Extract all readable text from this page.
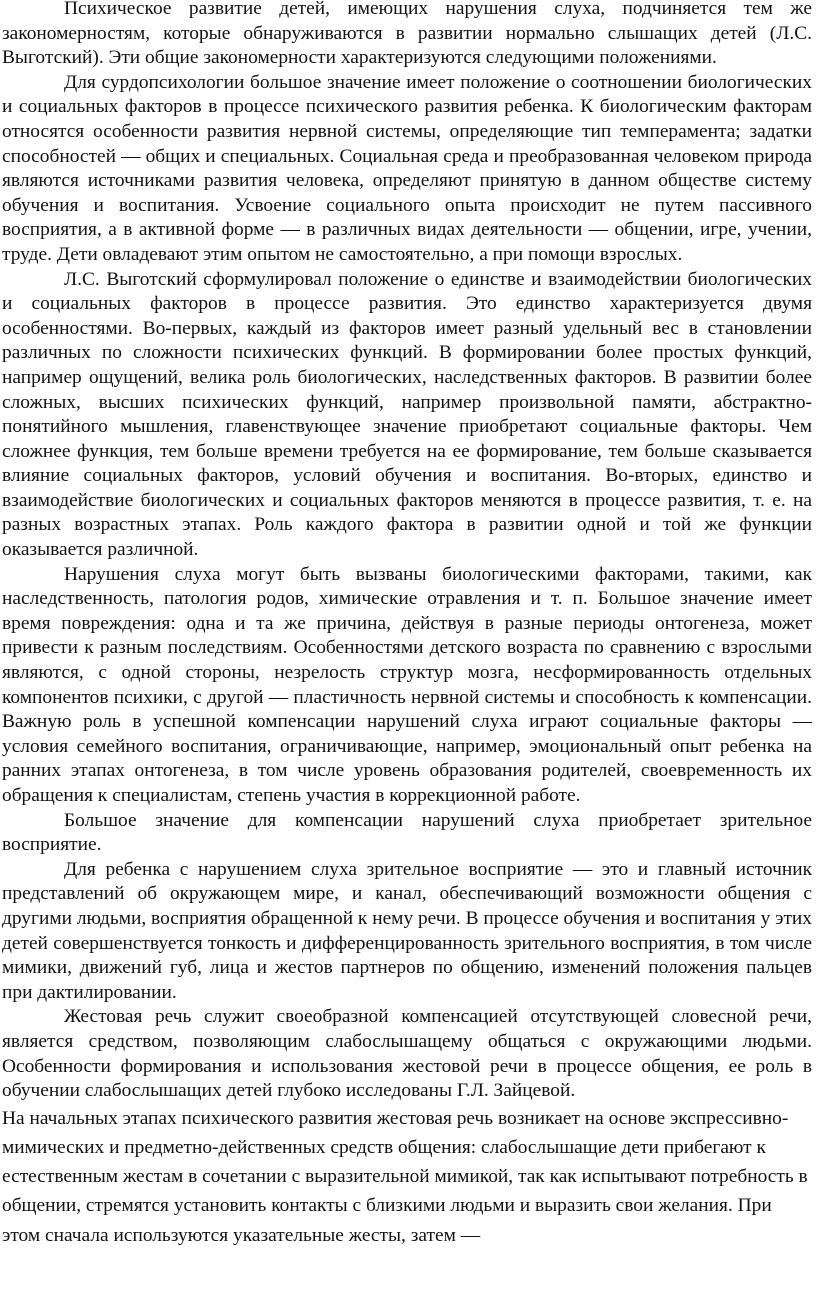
Психическое развитие детей, имеющих нарушения слуха, подчиняется тем же закономерностям, которые обнаруживаются в развитии нормально слышащих детей (Л.С. Выготский). Эти общие закономерности характеризуются следующими положениями.

Для сурдопсихологии большое значение имеет положение о соотношении биологических и социальных факторов в процессе психического развития ребенка. К биологическим факторам относятся особенности развития нервной системы, определяющие тип темперамента; задатки способностей — общих и специальных. Социальная среда и преобразованная человеком природа являются источниками развития человека, определяют принятую в данном обществе систему обучения и воспитания. Усвоение социального опыта происходит не путем пассивного восприятия, а в активной форме — в различных видах деятельности — общении, игре, учении, труде. Дети овладевают этим опытом не самостоятельно, а при помощи взрослых.

Л.С. Выготский сформулировал положение о единстве и взаимодействии биологических и социальных факторов в процессе развития. Это единство характеризуется двумя особенностями. Во-первых, каждый из факторов имеет разный удельный вес в становлении различных по сложности психических функций. В формировании более простых функций, например ощущений, велика роль биологических, наследственных факторов. В развитии более сложных, высших психических функций, например произвольной памяти, абстрактно-понятийного мышления, главенствующее значение приобретают социальные факторы. Чем сложнее функция, тем больше времени требуется на ее формирование, тем больше сказывается влияние социальных факторов, условий обучения и воспитания. Во-вторых, единство и взаимодействие биологических и социальных факторов меняются в процессе развития, т. е. на разных возрастных этапах. Роль каждого фактора в развитии одной и той же функции оказывается различной.

Нарушения слуха могут быть вызваны биологическими факторами, такими, как наследственность, патология родов, химические отравления и т. п. Большое значение имеет время повреждения: одна и та же причина, действуя в разные периоды онтогенеза, может привести к разным последствиям. Особенностями детского возраста по сравнению с взрослыми являются, с одной стороны, незрелость структур мозга, несформированность отдельных компонентов психики, с другой — пластичность нервной системы и способность к компенсации. Важную роль в успешной компенсации нарушений слуха играют социальные факторы — условия семейного воспитания, ограничивающие, например, эмоциональный опыт ребенка на ранних этапах онтогенеза, в том числе уровень образования родителей, своевременность их обращения к специалистам, степень участия в коррекционной работе.

Большое значение для компенсации нарушений слуха приобретает зрительное восприятие.

Для ребенка с нарушением слуха зрительное восприятие — это и главный источник представлений об окружающем мире, и канал, обеспечивающий возможности общения с другими людьми, восприятия обращенной к нему речи. В процессе обучения и воспитания у этих детей совершенствуется тонкость и дифференцированность зрительного восприятия, в том числе мимики, движений губ, лица и жестов партнеров по общению, изменений положения пальцев при дактилировании.

Жестовая речь служит своеобразной компенсацией отсутствующей словесной речи, является средством, позволяющим слабослышащему общаться с окружающими людьми. Особенности формирования и использования жестовой речи в процессе общения, ее роль в обучении слабослышащих детей глубоко исследованы Г.Л. Зайцевой.

На начальных этапах психического развития жестовая речь возникает на основе экспрессивно-мимических и предметно-действенных средств общения: слабослышащие дети прибегают к естественным жестам в сочетании с выразительной мимикой, так как испытывают потребность в общении, стремятся установить контакты с близкими людьми и выразить свои желания. При этом сначала используются указательные жесты, затем —
